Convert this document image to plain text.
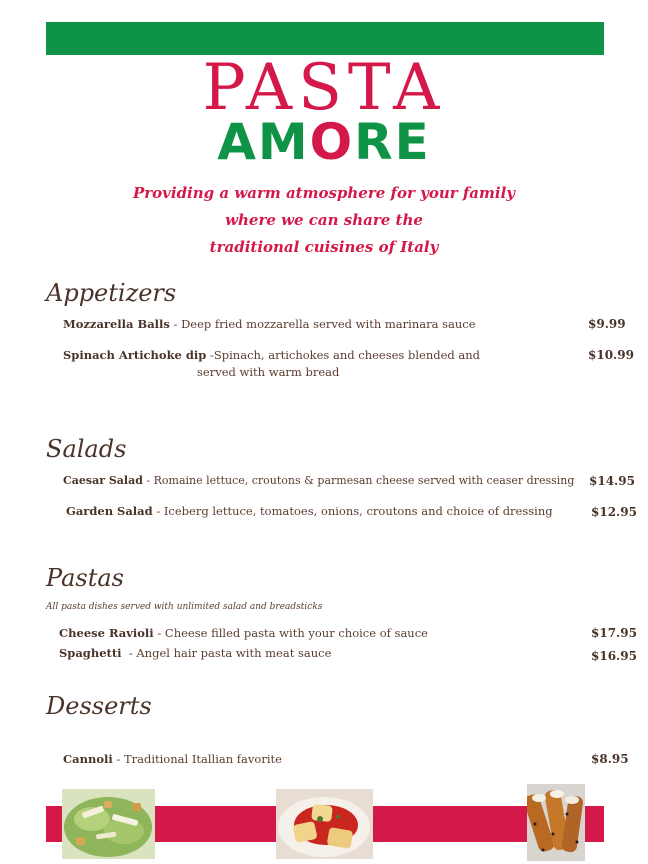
PASTA
AMORE
Providing a warm atmosphere for your family
where we can share the
traditional cuisines of Italy
Appetizers
Mozzarella Balls - Deep fried mozzarella served with marinara sauce	$9.99
Spinach Artichoke dip -Spinach, artichokes and cheeses blended and
served with warm bread
$10.99
Salads
Caesar Salad - Romaine lettuce, croutons & parmesan cheese served with ceaser dressing $14.95
Garden Salad - Iceberg lettuce, tomatoes, onions, croutons and choice of dressing	$12.95
Pastas
All pasta dishes served with unlimited salad and breadsticks
Cheese Ravioli - Cheese filled pasta with your choice of sauce	$17.95
Spaghetti  - Angel hair pasta with meat sauce	$16.95
Desserts
Cannoli - Traditional Itallian favorite	$8.95
